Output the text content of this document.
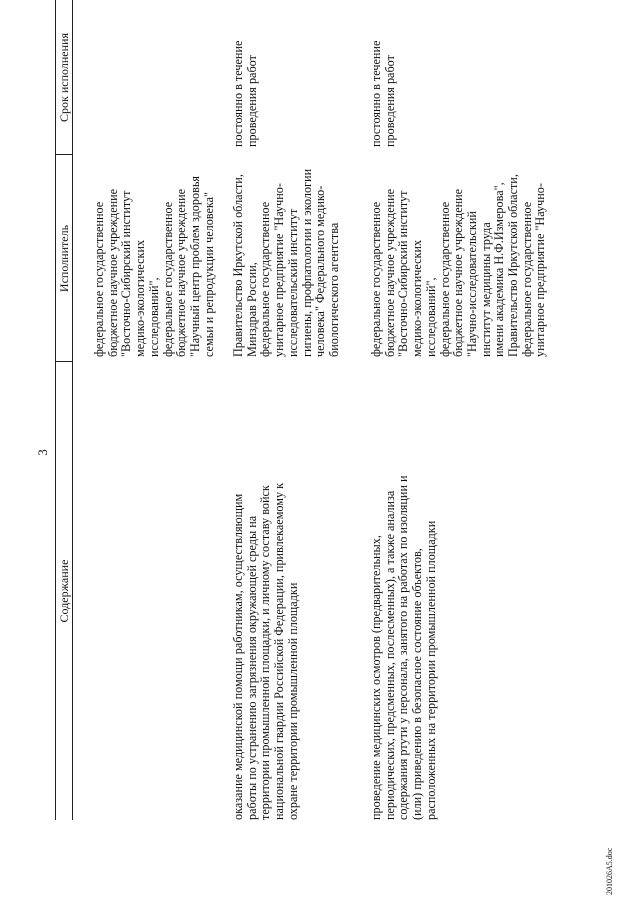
3
Содержание
Исполнитель
Срок исполнения
федеральное государственное бюджетное научное учреждение "Восточно-Сибирский институт медико-экологических исследований", федеральное государственное бюджетное научное учреждение "Научный центр проблем здоровья семьи и репродукции человека"
оказание медицинской помощи работникам, осуществляющим работы по устранению загрязнения окружающей среды на территории промышленной площадки, и личному составу войск национальной гвардии Российской Федерации, привлекаемому к охране территории промышленной площадки
Правительство Иркутской области, Минздрав России, федеральное государственное унитарное предприятие "Научно- исследовательский институт гигиены, профпатологии и экологии человека" Федерального медико- биологического агентства
постоянно в течение проведения работ
проведение медицинских осмотров (предварительных, периодических, предсменных, послесменных), а также анализа содержания ртути у персонала, занятого на работах по изоляции и (или) приведению в безопасное состояние объектов, расположенных на территории промышленной площадки
федеральное государственное бюджетное научное учреждение "Восточно-Сибирский институт медико-экологических исследований", федеральное государственное бюджетное научное учреждение "Научно-исследовательский институт медицины труда имени академика Н.Ф.Измерова", Правительство Иркутской области, федеральное государственное унитарное предприятие "Научно-
постоянно в течение проведения работ
201026A5.doc
